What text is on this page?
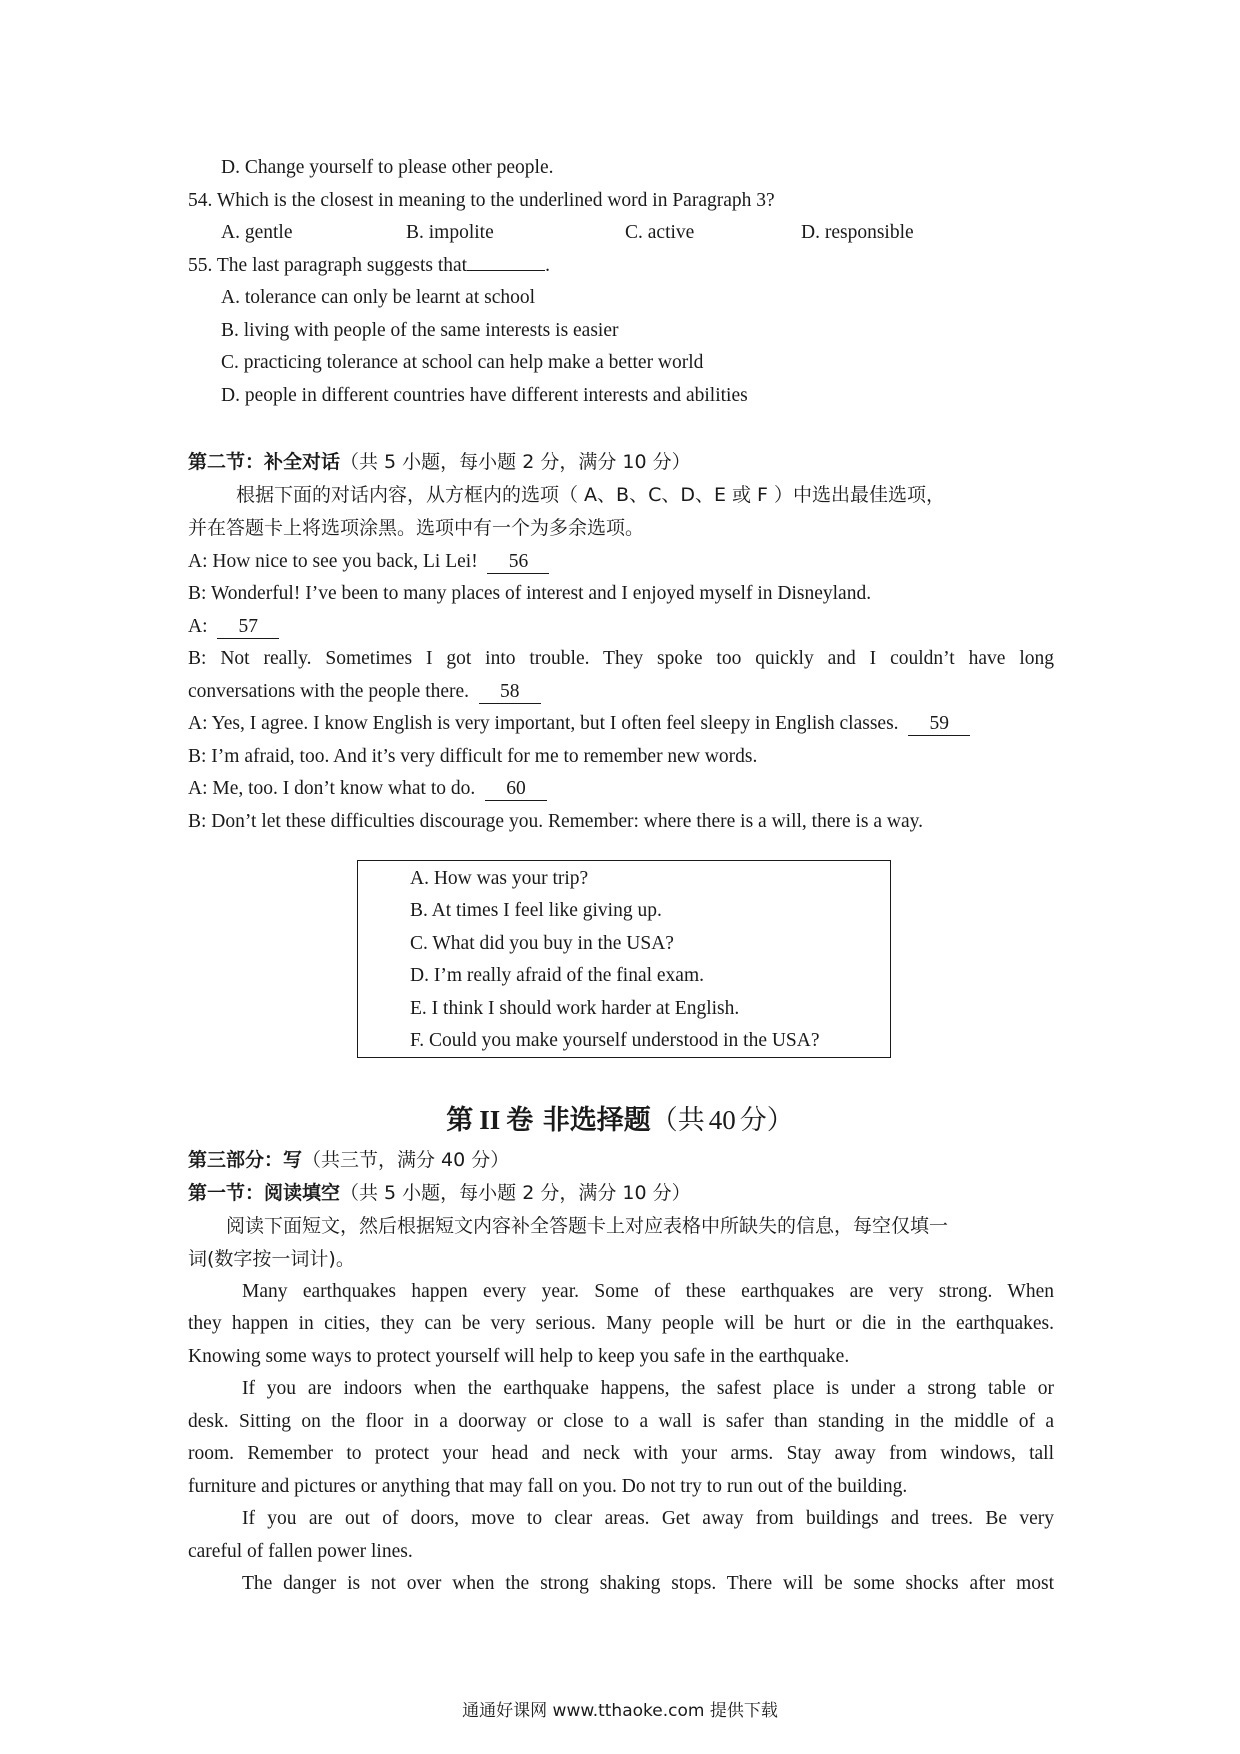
D. Change yourself to please other people.
54. Which is the closest in meaning to the underlined word in Paragraph 3?
A. gentle	B. impolite	C. active	D. responsible
55. The last paragraph suggests that	.
A. tolerance can only be learnt at school
B. living with people of the same interests is easier
C. practicing tolerance at school can help make a better world
D. people in different countries have different interests and abilities
第二节：补全对话（共 5 小题，每小题 2 分，满分 10 分）
根据下面的对话内容，从方框内的选项（ A、B、C、D、E 或 F ）中选出最佳选项，
并在答题卡上将选项涂黑。选项中有一个为多余选项。
A: How nice to see you back, Li Lei! 56
B: Wonderful! I’ve been to many places of interest and I enjoyed myself in Disneyland.
A: 57
B: Not really. Sometimes I got into trouble. They spoke too quickly and I couldn’t have long
conversations with the people there. 58
A: Yes, I agree. I know English is very important, but I often feel sleepy in English classes. 59
B: I’m afraid, too. And it’s very difficult for me to remember new words.
A: Me, too. I don’t know what to do. 60
B: Don’t let these difficulties discourage you. Remember: where there is a will, there is a way.
A. How was your trip?
B. At times I feel like giving up.
C. What did you buy in the USA?
D. I’m really afraid of the final exam.
E. I think I should work harder at English.
F. Could you make yourself understood in the USA?
第 II 卷 非选择题（共 40 分）
第三部分：写（共三节，满分 40 分）
第一节：阅读填空（共 5 小题，每小题 2 分，满分 10 分）
阅读下面短文，然后根据短文内容补全答题卡上对应表格中所缺失的信息，每空仅填一
词(数字按一词计)。
Many earthquakes happen every year. Some of these earthquakes are very strong. When
they happen in cities, they can be very serious. Many people will be hurt or die in the earthquakes.
Knowing some ways to protect yourself will help to keep you safe in the earthquake.
If you are indoors when the earthquake happens, the safest place is under a strong table or
desk. Sitting on the floor in a doorway or close to a wall is safer than standing in the middle of a
room. Remember to protect your head and neck with your arms. Stay away from windows, tall
furniture and pictures or anything that may fall on you. Do not try to run out of the building.
If you are out of doors, move to clear areas. Get away from buildings and trees. Be very
careful of fallen power lines.
The danger is not over when the strong shaking stops. There will be some shocks after most
通通好课网 www.tthaoke.com 提供下载
